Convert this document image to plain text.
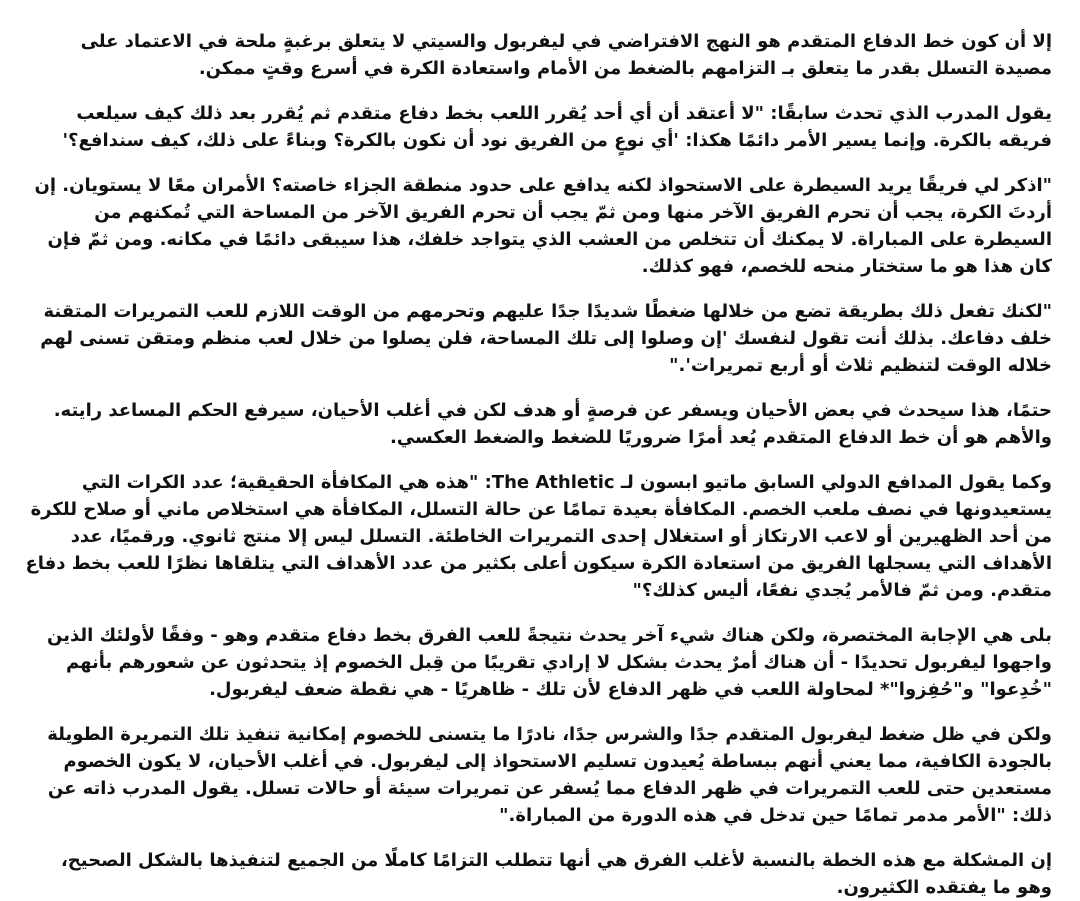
إلا أن كون خط الدفاع المتقدم هو النهج الافتراضي في ليفربول والسيتي لا يتعلق برغبةٍ ملحة في الاعتماد على مصيدة التسلل بقدر ما يتعلق بـ التزامهم بالضغط من الأمام واستعادة الكرة في أسرع وقتٍ ممكن.

يقول المدرب الذي تحدث سابقًا: "لا أعتقد أن أي أحد يُقرر اللعب بخط دفاع متقدم ثم يُقرر بعد ذلك كيف سيلعب فريقه بالكرة. وإنما يسير الأمر دائمًا هكذا: 'أي نوعٍ من الفريق نود أن نكون بالكرة؟ وبناءً على ذلك، كيف سندافع؟'

"اذكر لي فريقًا يريد السيطرة على الاستحواذ لكنه يدافع على حدود منطقة الجزاء خاصته؟ الأمران معًا لا يستويان. إن أردتَ الكرة، يجب أن تحرم الفريق الآخر منها ومن ثمّ يجب أن تحرم الفريق الآخر من المساحة التي تُمكنهم من السيطرة على المباراة. لا يمكنك أن تتخلص من العشب الذي يتواجد خلفك، هذا سيبقى دائمًا في مكانه. ومن ثمّ فإن كان هذا هو ما ستختار منحه للخصم، فهو كذلك.

"لكنك تفعل ذلك بطريقة تضع من خلالها ضغطًا شديدًا جدًا عليهم وتحرمهم من الوقت اللازم للعب التمريرات المتقنة خلف دفاعك. بذلك أنت تقول لنفسك 'إن وصلوا إلى تلك المساحة، فلن يصلوا من خلال لعب منظم ومتقن تسنى لهم خلاله الوقت لتنظيم ثلاث أو أربع تمريرات'."

حتمًا، هذا سيحدث في بعض الأحيان ويسفر عن فرصةٍ أو هدف لكن في أغلب الأحيان، سيرفع الحكم المساعد رايته. والأهم هو أن خط الدفاع المتقدم يُعد أمرًا ضروريًا للضغط والضغط العكسي.

وكما يقول المدافع الدولي السابق ماتيو ابسون لـ The Athletic: "هذه هي المكافأة الحقيقية؛ عدد الكرات التي يستعيدونها في نصف ملعب الخصم. المكافأة بعيدة تمامًا عن حالة التسلل، المكافأة هي استخلاص ماني أو صلاح للكرة من أحد الظهيرين أو لاعب الارتكاز أو استغلال إحدى التمريرات الخاطئة. التسلل ليس إلا منتج ثانوي. ورقميًا، عدد الأهداف التي يسجلها الفريق من استعادة الكرة سيكون أعلى بكثير من عدد الأهداف التي يتلقاها نظرًا للعب بخط دفاع متقدم. ومن ثمّ فالأمر يُجدي نفعًا، أليس كذلك؟"

بلى هي الإجابة المختصرة، ولكن هناك شيء آخر يحدث نتيجةً للعب الفرق بخط دفاع متقدم وهو - وفقًا لأولئك الذين واجهوا ليفربول تحديدًا - أن هناك أمرٌ يحدث بشكل لا إرادي تقريبًا من قِبل الخصوم إذ يتحدثون عن شعورهم بأنهم "خُدِعوا" و"حُفِزوا"* لمحاولة اللعب في ظهر الدفاع لأن تلك - ظاهريًا - هي نقطة ضعف ليفربول.

ولكن في ظل ضغط ليفربول المتقدم جدًا والشرس جدًا، نادرًا ما يتسنى للخصوم إمكانية تنفيذ تلك التمريرة الطويلة بالجودة الكافية، مما يعني أنهم ببساطة يُعيدون تسليم الاستحواذ إلى ليفربول. في أغلب الأحيان، لا يكون الخصوم مستعدين حتى للعب التمريرات في ظهر الدفاع مما يُسفر عن تمريرات سيئة أو حالات تسلل. يقول المدرب ذاته عن ذلك: "الأمر مدمر تمامًا حين تدخل في هذه الدورة من المباراة."

إن المشكلة مع هذه الخطة بالنسبة لأغلب الفرق هي أنها تتطلب التزامًا كاملًا من الجميع لتنفيذها بالشكل الصحيح، وهو ما يفتقده الكثيرون.
